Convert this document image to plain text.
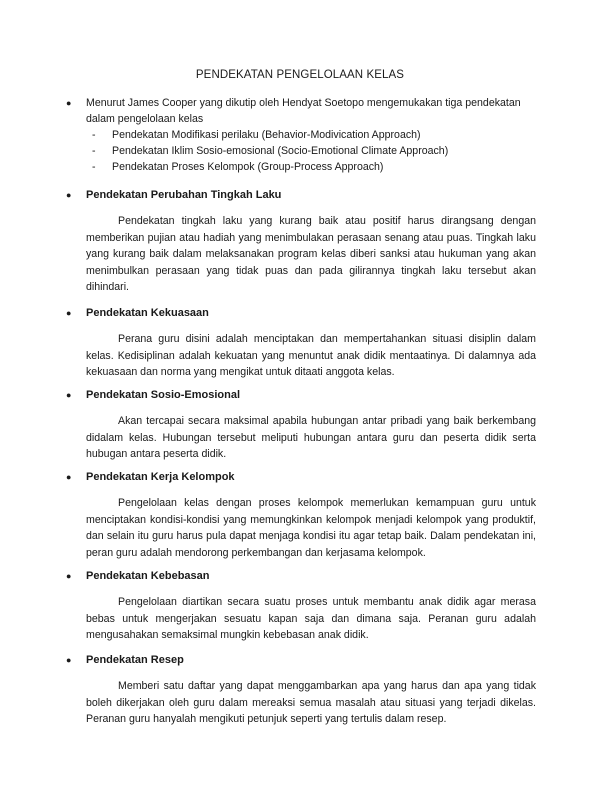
PENDEKATAN PENGELOLAAN KELAS
●	Menurut James Cooper yang dikutip oleh Hendyat Soetopo mengemukakan tiga pendekatan dalam pengelolaan kelas
-	Pendekatan Modifikasi perilaku (Behavior-Modivication Approach)
-	Pendekatan Iklim Sosio-emosional (Socio-Emotional Climate Approach)
-	Pendekatan Proses Kelompok (Group-Process Approach)
●	Pendekatan Perubahan Tingkah Laku

Pendekatan tingkah laku yang kurang baik atau positif harus dirangsang dengan memberikan pujian atau hadiah yang menimbulakan perasaan senang atau puas. Tingkah laku yang kurang baik dalam melaksanakan program kelas diberi sanksi atau hukuman yang akan menimbulkan perasaan yang tidak puas dan pada gilirannya tingkah laku tersebut akan dihindari.

●	Pendekatan Kekuasaan

Perana guru disini adalah menciptakan dan mempertahankan situasi disiplin dalam kelas. Kedisiplinan adalah kekuatan yang menuntut anak didik mentaatinya. Di dalamnya ada kekuasaan dan norma yang mengikat untuk ditaati anggota kelas.

●	Pendekatan Sosio-Emosional

Akan tercapai secara maksimal apabila hubungan antar pribadi yang baik berkembang didalam kelas. Hubungan tersebut meliputi hubungan antara guru dan peserta didik serta hubugan antara peserta didik.

●	Pendekatan Kerja Kelompok

Pengelolaan kelas dengan proses kelompok memerlukan kemampuan guru untuk menciptakan kondisi-kondisi yang memungkinkan kelompok menjadi kelompok yang produktif, dan selain itu guru harus pula dapat menjaga kondisi itu agar tetap baik. Dalam pendekatan ini, peran guru adalah mendorong perkembangan dan kerjasama kelompok.

●	Pendekatan Kebebasan

Pengelolaan diartikan secara suatu proses untuk membantu anak didik agar merasa bebas untuk mengerjakan sesuatu kapan saja dan dimana saja. Peranan guru adalah mengusahakan semaksimal mungkin kebebasan anak didik.

●	Pendekatan Resep

Memberi satu daftar yang dapat menggambarkan apa yang harus dan apa yang tidak boleh dikerjakan oleh guru dalam mereaksi semua masalah atau situasi yang terjadi dikelas. Peranan guru hanyalah mengikuti petunjuk seperti yang tertulis dalam resep.
